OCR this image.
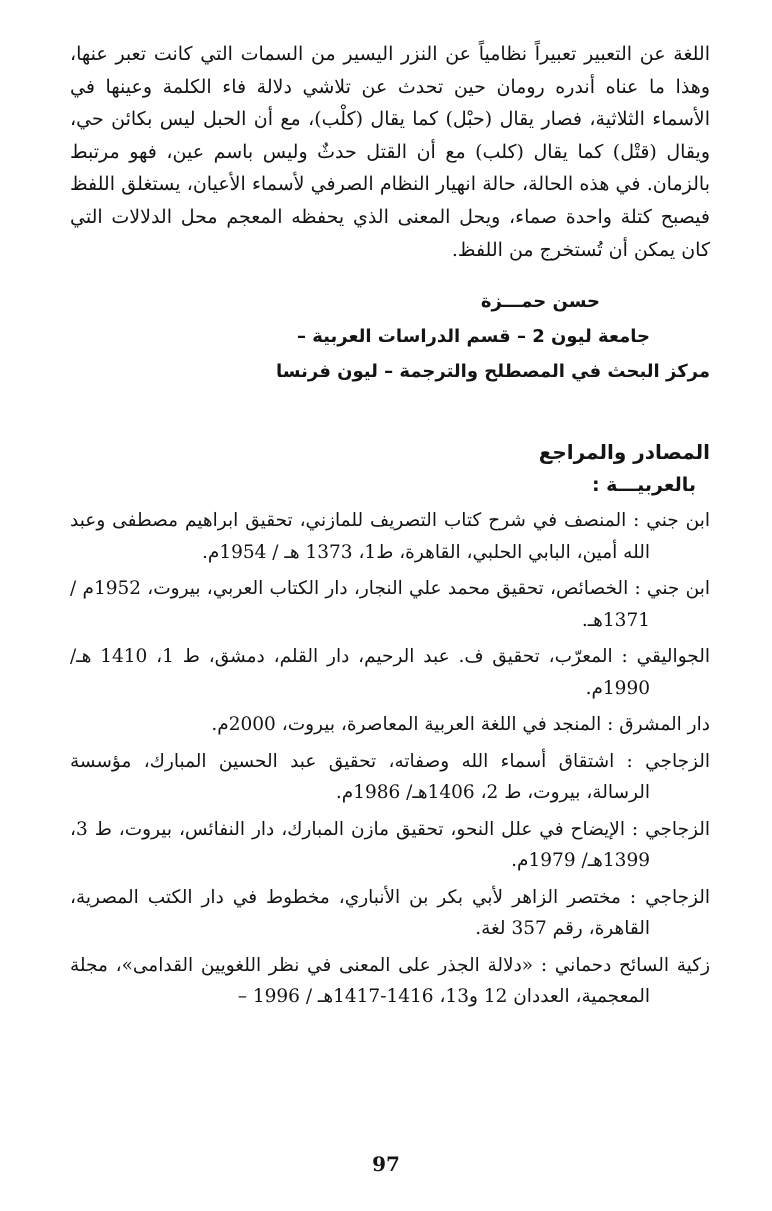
اللغة عن التعبير تعبيراً نظامياً عن النزر اليسير من السمات التي كانت تعبر عنها، وهذا ما عناه أندره رومان حين تحدث عن تلاشي دلالة فاء الكلمة وعينها في الأسماء الثلاثية، فصار يقال (حبْل) كما يقال (كلْب)، مع أن الحبل ليس بكائن حي، ويقال (قتْل) كما يقال (كلب) مع أن القتل حدثٌ وليس باسم عين، فهو مرتبط بالزمان. في هذه الحالة، حالة انهيار النظام الصرفي لأسماء الأعيان، يستغلق اللفظ فيصبح كتلة واحدة صماء، ويحل المعنى الذي يحفظه المعجم محل الدلالات التي كان يمكن أن تُستخرج من اللفظ.

حسن حمـــزة
جامعة ليون 2 – قسم الدراسات العربية –
مركز البحث في المصطلح والترجمة – ليون فرنسا
المصادر والمراجع
بالعربيـــة :

ابن جني : المنصف في شرح كتاب التصريف للمازني، تحقيق ابراهيم مصطفى وعبد الله أمين، البابي الحلبي، القاهرة، ط1، 1373 هـ / 1954م.

ابن جني : الخصائص، تحقيق محمد علي النجار، دار الكتاب العربي، بيروت، 1952م / 1371هـ.

الجواليقي : المعرّب، تحقيق ف. عبد الرحيم، دار القلم، دمشق، ط 1، 1410 هـ/ 1990م.

دار المشرق : المنجد في اللغة العربية المعاصرة، بيروت، 2000م.

الزجاجي : اشتقاق أسماء الله وصفاته، تحقيق عبد الحسين المبارك، مؤسسة الرسالة، بيروت، ط 2، 1406هـ/ 1986م.

الزجاجي : الإيضاح في علل النحو، تحقيق مازن المبارك، دار النفائس، بيروت، ط 3، 1399هـ/ 1979م.

الزجاجي : مختصر الزاهر لأبي بكر بن الأنباري، مخطوط في دار الكتب المصرية، القاهرة، رقم 357 لغة.

زكية السائح دحماني : «دلالة الجذر على المعنى في نظر اللغويين القدامى»، مجلة المعجمية، العددان 12 و13، 1416-1417هـ / 1996 –

97
